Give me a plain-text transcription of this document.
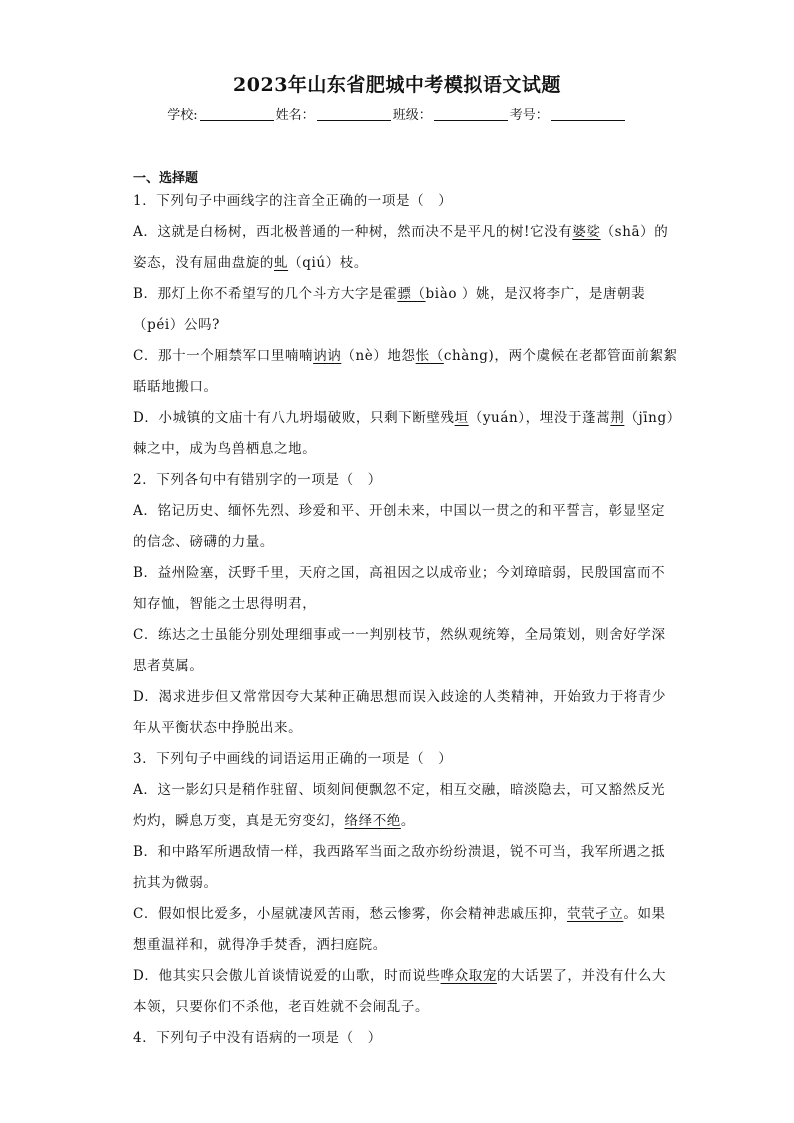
2023年山东省肥城中考模拟语文试题
学校:	姓名：	班级：	考号：
一、选择题
1．下列句子中画线字的注音全正确的一项是（　）
A．这就是白杨树，西北极普通的一种树，然而决不是平凡的树!它没有婆娑（shā）的
姿态，没有屈曲盘旋的虬（qiú）枝。
B．那灯上你不希望写的几个斗方大字是霍骠（biào ）姚，是汉将李广，是唐朝裴
（péi）公吗?
C．那十一个厢禁军口里喃喃讷讷（nè）地怨怅（chàng)，两个虞候在老都管面前絮絮
聒聒地搬口。
D．小城镇的文庙十有八九坍塌破败，只剩下断壁残垣（yuán），埋没于蓬蒿荆（jīng）
棘之中，成为鸟兽栖息之地。
2．下列各句中有错别字的一项是（　）
A．铭记历史、缅怀先烈、珍爱和平、开创未来，中国以一贯之的和平誓言，彰显坚定
的信念、磅礴的力量。
B．益州险塞，沃野千里，天府之国，高祖因之以成帝业；今刘璋暗弱，民殷国富而不
知存恤，智能之士思得明君，
C．练达之士虽能分别处理细事或一一判别枝节，然纵观统筹，全局策划，则舍好学深
思者莫属。
D．渴求进步但又常常因夸大某种正确思想而误入歧途的人类精神，开始致力于将青少
年从平衡状态中挣脱出来。
3．下列句子中画线的词语运用正确的一项是（　）
A．这一影幻只是稍作驻留、顷刻间便飘忽不定，相互交融，暗淡隐去，可又豁然反光
灼灼，瞬息万变，真是无穷变幻，络绎不绝。
B．和中路军所遇敌情一样，我西路军当面之敌亦纷纷溃退，锐不可当，我军所遇之抵
抗其为微弱。
C．假如恨比爱多，小屋就凄风苦雨，愁云惨雾，你会精神悲戚压抑，茕茕孑立。如果
想重温祥和，就得净手焚香，洒扫庭院。
D．他其实只会傲儿首谈情说爱的山歌，时而说些哗众取宠的大话罢了，并没有什么大
本领，只要你们不杀他，老百姓就不会闹乱子。
4．下列句子中没有语病的一项是（　）
